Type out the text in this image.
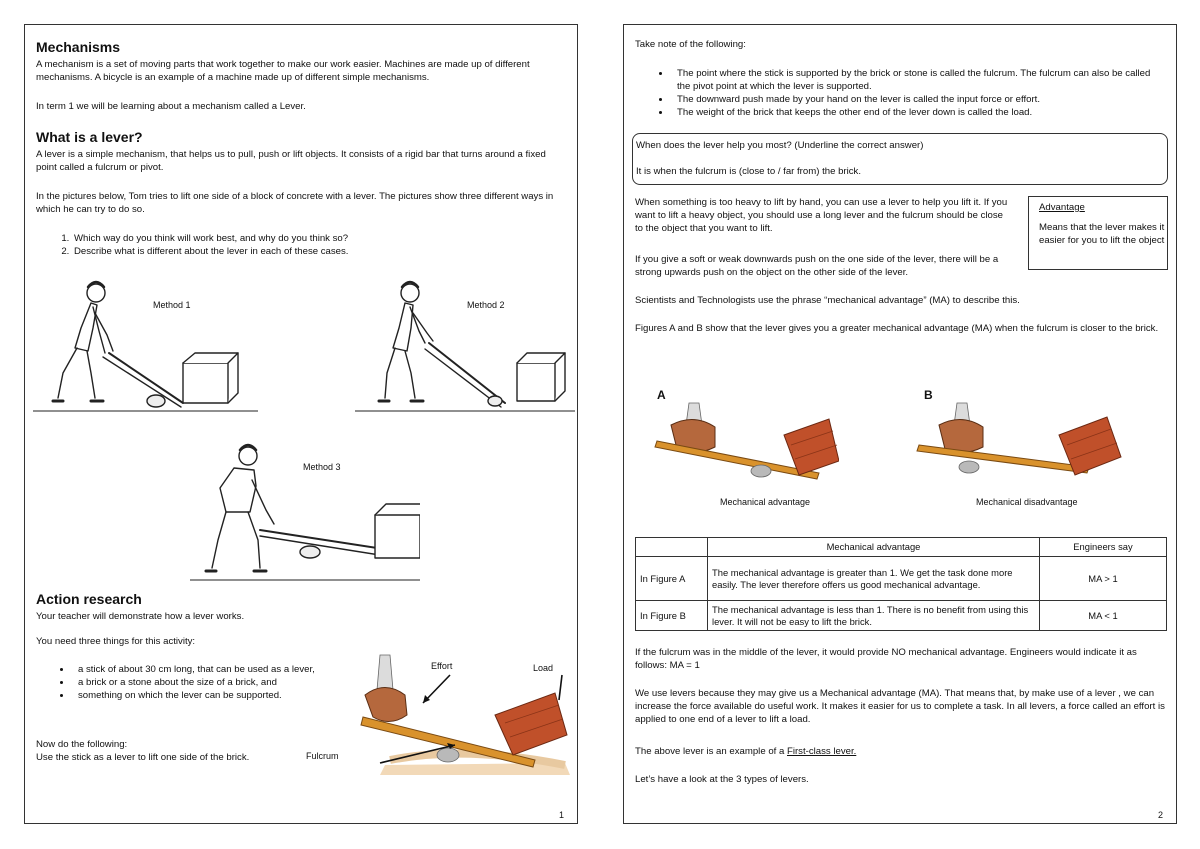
Mechanisms
A mechanism is a set of moving parts that work together to make our work easier. Machines are made up of different mechanisms. A bicycle is an example of a machine made up of different simple mechanisms.
In term 1 we will be learning about a mechanism called a Lever.
What is a lever?
A lever is a simple mechanism, that helps us to pull, push or lift objects. It consists of a rigid bar that turns around a fixed point called a fulcrum or pivot.
In the pictures below, Tom tries to lift one side of a block of concrete with a lever. The pictures show three different ways in which he can try to do so.
1. Which way do you think will work best, and why do you think so?
2. Describe what is different about the lever in each of these cases.
Method 1	Method 2
Method 3
Action research
Your teacher will demonstrate how a lever works.
You need three things for this activity:
• a stick of about 30 cm long, that can be used as a lever,
• a brick or a stone about the size of a brick, and
• something on which the lever can be supported.
Now do the following:
Use the stick as a lever to lift one side of the brick.
Effort	Load
Fulcrum
1
Take note of the following:
• The point where the stick is supported by the brick or stone is called the fulcrum. The fulcrum can also be called the pivot point at which the lever is supported.
• The downward push made by your hand on the lever is called the input force or effort.
• The weight of the brick that keeps the other end of the lever down is called the load.
When does the lever help you most? (Underline the correct answer)
It is when the fulcrum is (close to / far from) the brick.
When something is too heavy to lift by hand, you can use a lever to help you lift it. If you want to lift a heavy object, you should use a long lever and the fulcrum should be close to the object that you want to lift.
If you give a soft or weak downwards push on the one side of the lever, there will be a strong upwards push on the object on the other side of the lever.
Advantage
Means that the lever makes it easier for you to lift the object
Scientists and Technologists use the phrase “mechanical advantage” (MA) to describe this.
Figures A and B show that the lever gives you a greater mechanical advantage (MA) when the fulcrum is closer to the brick.
A
Mechanical advantage
B
Mechanical disadvantage
	Mechanical advantage	Engineers say
In Figure A	The mechanical advantage is greater than 1. We get the task done more easily. The lever therefore offers us good mechanical advantage.	MA > 1
In Figure B	The mechanical advantage is less than 1. There is no benefit from using this lever. It will not be easy to lift the brick.	MA < 1
If the fulcrum was in the middle of the lever, it would provide NO mechanical advantage. Engineers would indicate it as follows: MA = 1
We use levers because they may give us a Mechanical advantage (MA). That means that, by make use of a lever , we can increase the force available do useful work. It makes it easier for us to complete a task. In all levers, a force called an effort is applied to one end of a lever to lift a load.
The above lever is an example of a First-class lever.
Let’s have a look at the 3 types of levers.
2
